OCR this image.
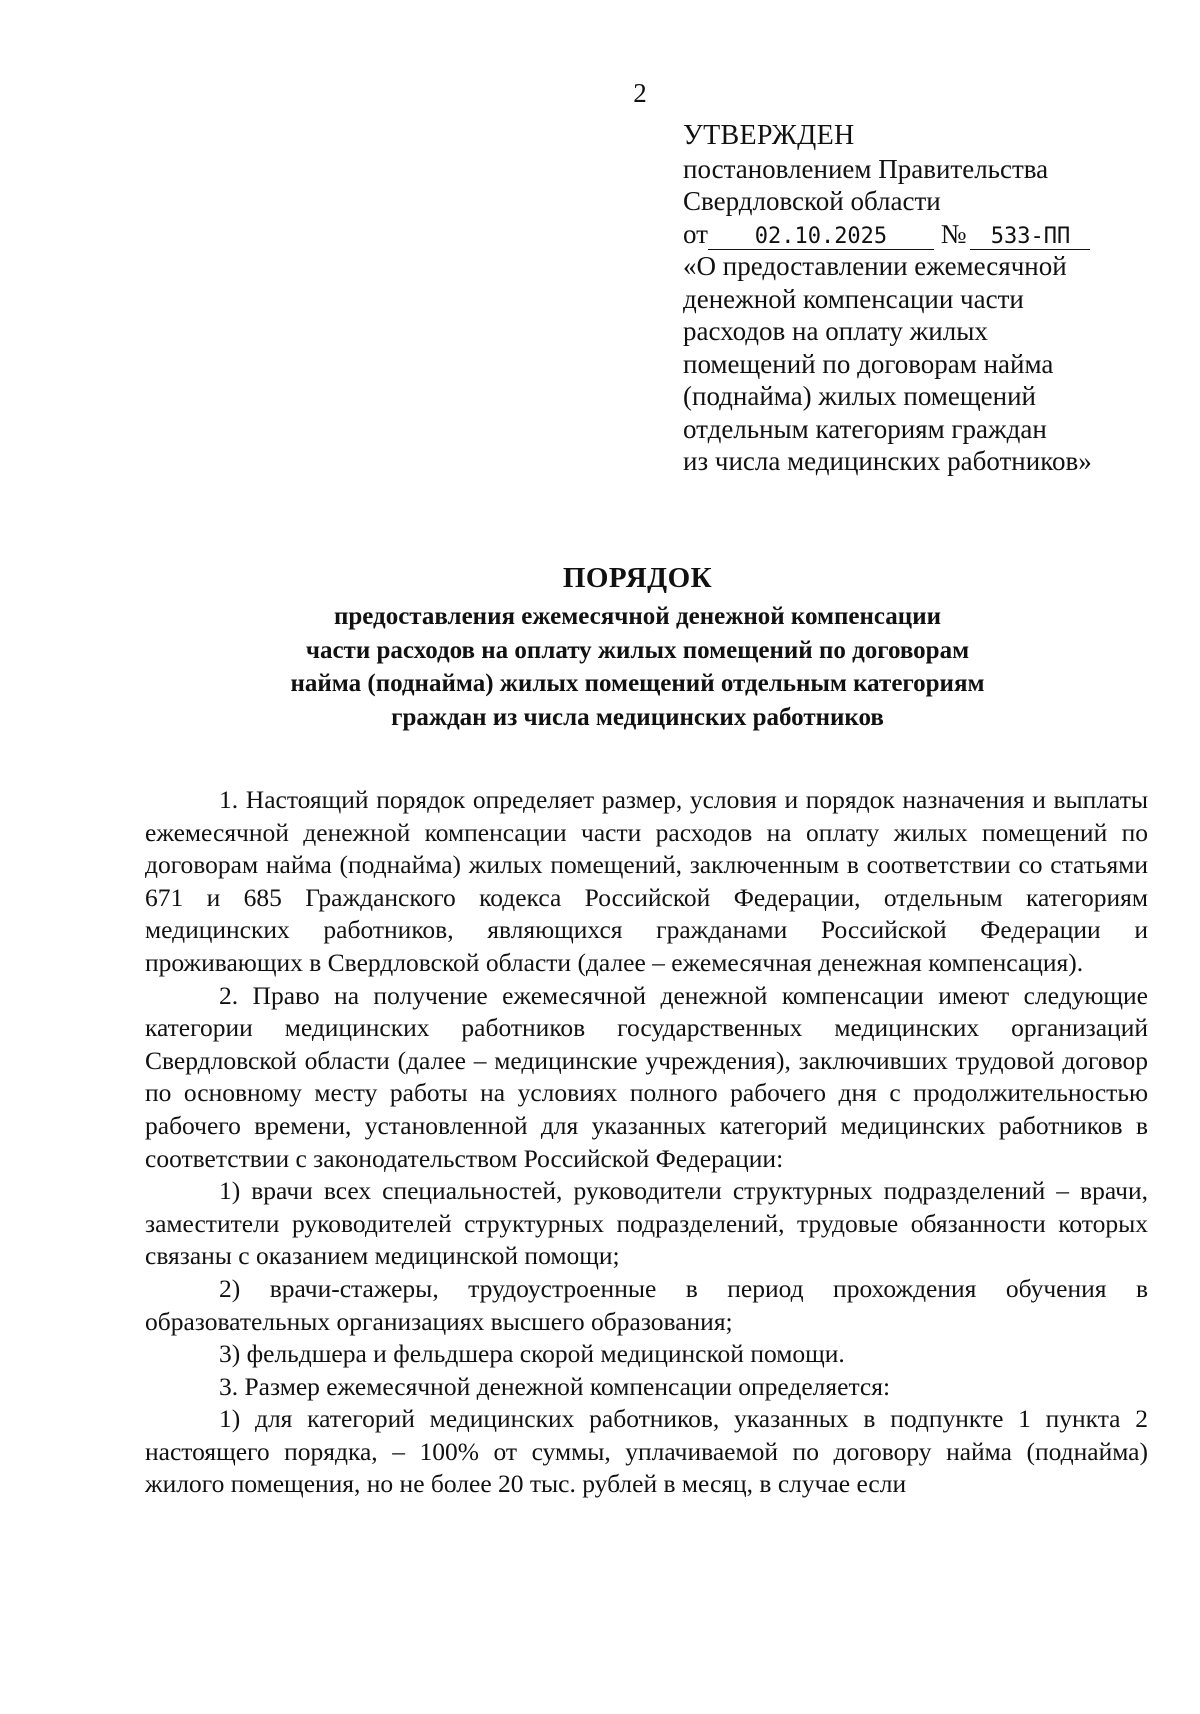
2
УТВЕРЖДЕН
постановлением Правительства
Свердловской области
от 02.10.2025 № 533-ПП
«О предоставлении ежемесячной
денежной компенсации части
расходов на оплату жилых
помещений по договорам найма
(поднайма) жилых помещений
отдельным категориям граждан
из числа медицинских работников»
ПОРЯДОК
предоставления ежемесячной денежной компенсации
части расходов на оплату жилых помещений по договорам
найма (поднайма) жилых помещений отдельным категориям
граждан из числа медицинских работников

1. Настоящий порядок определяет размер, условия и порядок назначения и выплаты ежемесячной денежной компенсации части расходов на оплату жилых помещений по договорам найма (поднайма) жилых помещений, заключенным в соответствии со статьями 671 и 685 Гражданского кодекса Российской Федерации, отдельным категориям медицинских работников, являющихся гражданами Российской Федерации и проживающих в Свердловской области (далее – ежемесячная денежная компенсация).

2. Право на получение ежемесячной денежной компенсации имеют следующие категории медицинских работников государственных медицинских организаций Свердловской области (далее – медицинские учреждения), заключивших трудовой договор по основному месту работы на условиях полного рабочего дня с продолжительностью рабочего времени, установленной для указанных категорий медицинских работников в соответствии с законодательством Российской Федерации:

1) врачи всех специальностей, руководители структурных подразделений – врачи, заместители руководителей структурных подразделений, трудовые обязанности которых связаны с оказанием медицинской помощи;

2) врачи-стажеры, трудоустроенные в период прохождения обучения в образовательных организациях высшего образования;

3) фельдшера и фельдшера скорой медицинской помощи.

3. Размер ежемесячной денежной компенсации определяется:

1) для категорий медицинских работников, указанных в подпункте 1 пункта 2 настоящего порядка, – 100% от суммы, уплачиваемой по договору найма (поднайма) жилого помещения, но не более 20 тыс. рублей в месяц, в случае если
